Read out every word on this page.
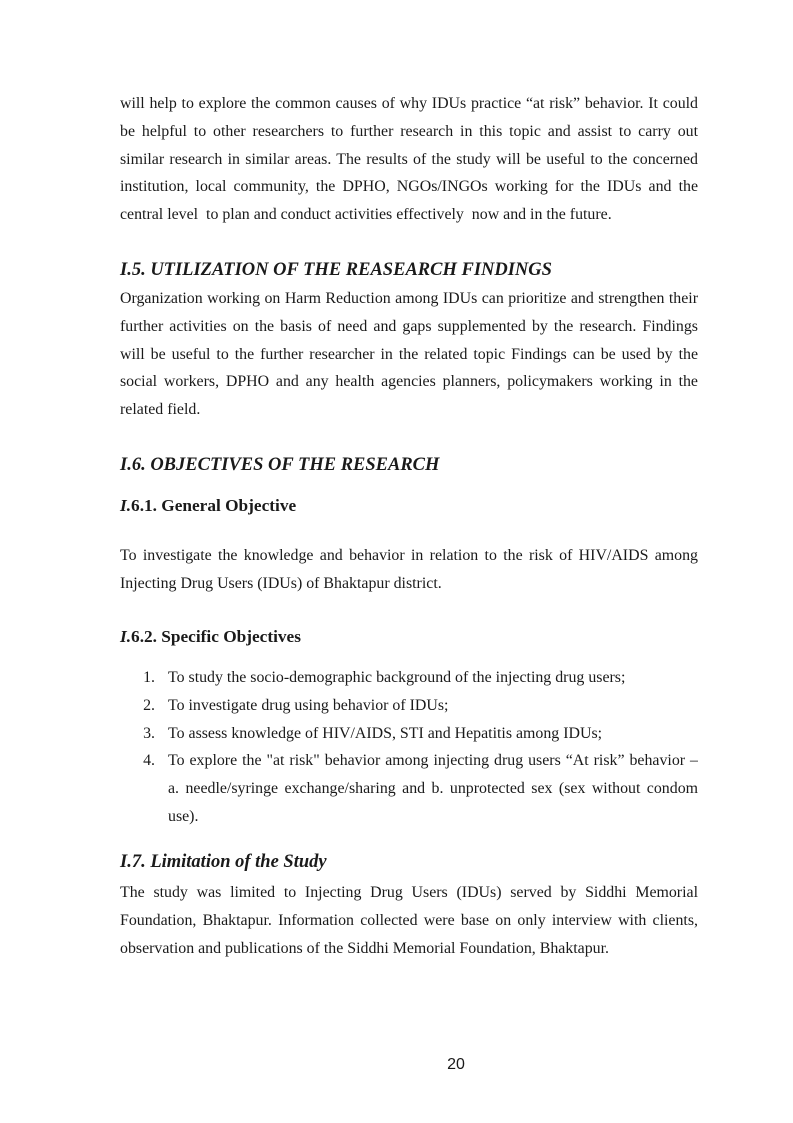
will help to explore the common causes of why IDUs practice “at risk” behavior. It could
be helpful to other researchers to further research in this topic and assist to carry out
similar research in similar areas. The results of the study will be useful to the concerned
institution, local community, the DPHO, NGOs/INGOs working for the IDUs and the
central level  to plan and conduct activities effectively  now and in the future.
I.5. UTILIZATION OF THE REASEARCH FINDINGS
Organization working on Harm Reduction among IDUs can prioritize and strengthen their
further activities on the basis of need and gaps supplemented by the research. Findings
will be useful to the further researcher in the related topic Findings can be used by the
social workers, DPHO and any health agencies planners, policymakers working in the
related field.
I.6. OBJECTIVES OF THE RESEARCH
I.6.1. General Objective
To investigate the knowledge and behavior in relation to the risk of HIV/AIDS among
Injecting Drug Users (IDUs) of Bhaktapur district.
I.6.2. Specific Objectives
1. To study the socio-demographic background of the injecting drug users;
2. To investigate drug using behavior of IDUs;
3. To assess knowledge of HIV/AIDS, STI and Hepatitis among IDUs;
4. To explore the "at risk" behavior among injecting drug users “At risk” behavior –
a. needle/syringe exchange/sharing and b. unprotected sex (sex without condom
use).
I.7. Limitation of the Study
The study was limited to Injecting Drug Users (IDUs) served by Siddhi Memorial
Foundation, Bhaktapur. Information collected were base on only interview with clients,
observation and publications of the Siddhi Memorial Foundation, Bhaktapur.
20
